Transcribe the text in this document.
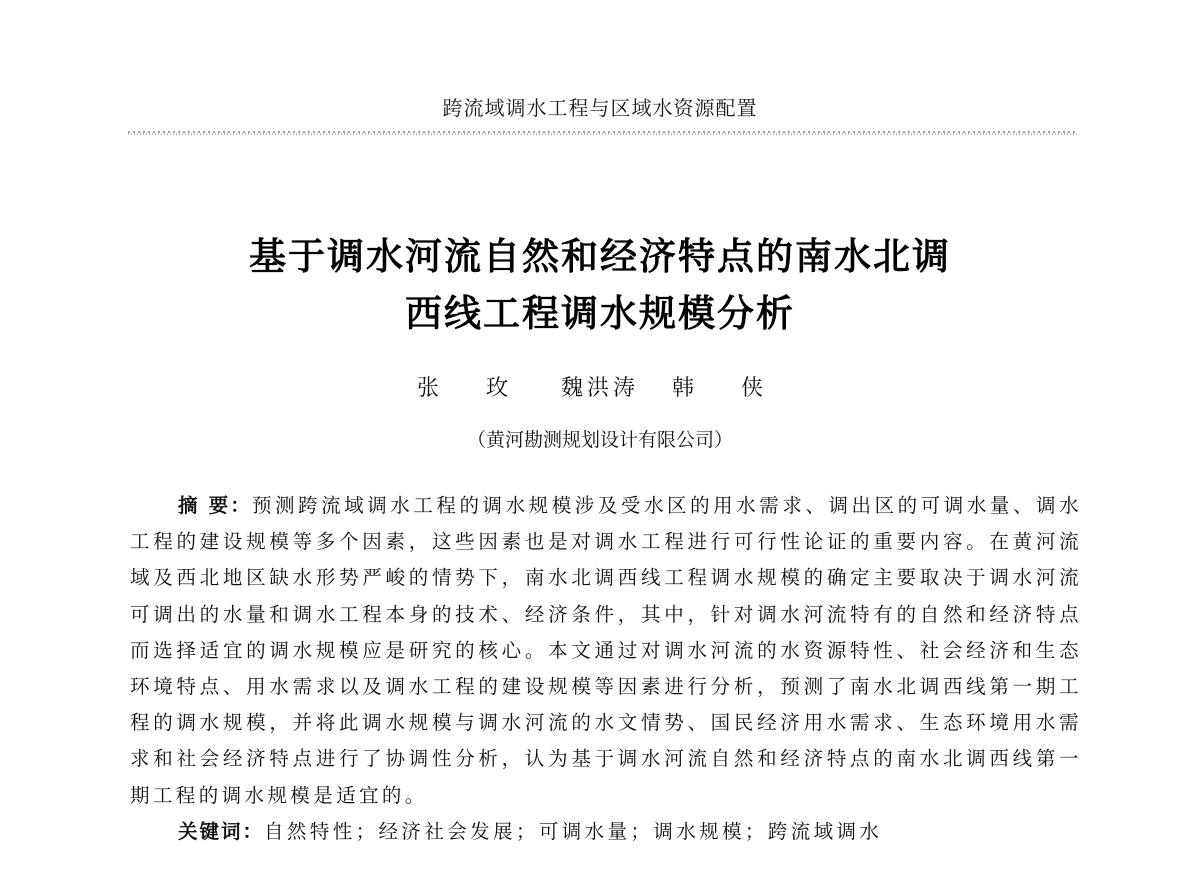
跨流域调水工程与区域水资源配置
基于调水河流自然和经济特点的南水北调
西线工程调水规模分析
张 玫 魏洪涛 韩 侠
（黄河勘测规划设计有限公司）
摘 要：预测跨流域调水工程的调水规模涉及受水区的用水需求、调出区的可调水量、调水工程的建设规模等多个因素，这些因素也是对调水工程进行可行性论证的重要内容。在黄河流域及西北地区缺水形势严峻的情势下，南水北调西线工程调水规模的确定主要取决于调水河流可调出的水量和调水工程本身的技术、经济条件，其中，针对调水河流特有的自然和经济特点而选择适宜的调水规模应是研究的核心。本文通过对调水河流的水资源特性、社会经济和生态环境特点、用水需求以及调水工程的建设规模等因素进行分析，预测了南水北调西线第一期工程的调水规模，并将此调水规模与调水河流的水文情势、国民经济用水需求、生态环境用水需求和社会经济特点进行了协调性分析，认为基于调水河流自然和经济特点的南水北调西线第一期工程的调水规模是适宜的。
关键词：自然特性；经济社会发展；可调水量；调水规模；跨流域调水
